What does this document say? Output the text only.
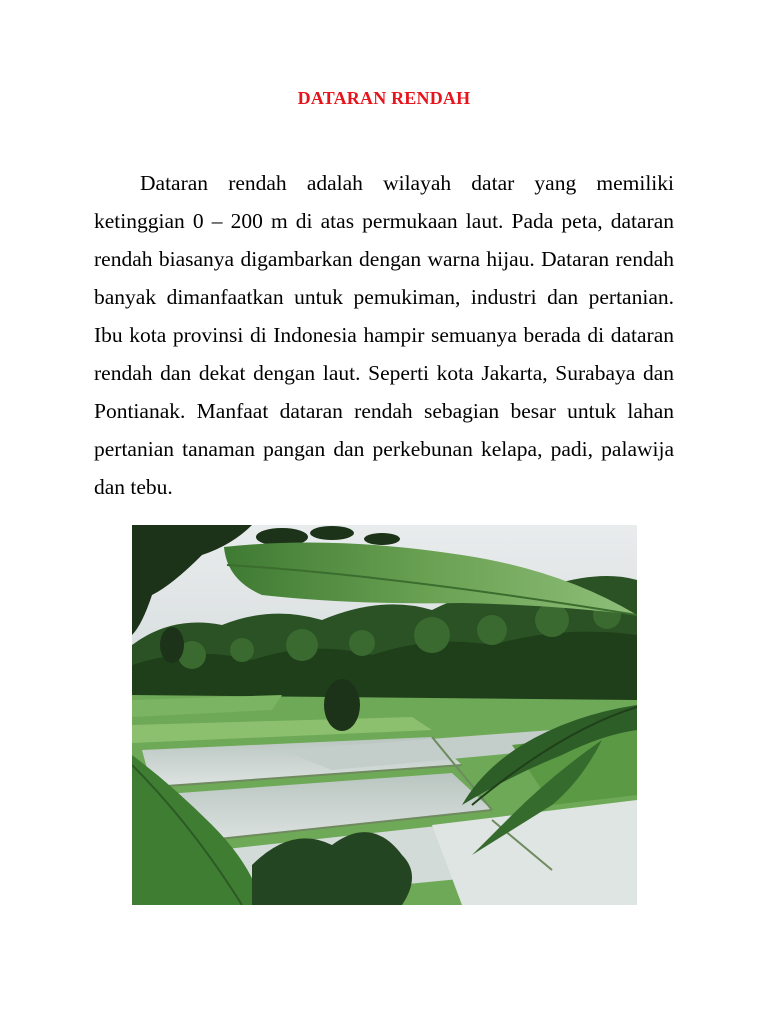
DATARAN RENDAH

Dataran rendah adalah wilayah datar yang memiliki ketinggian 0 – 200 m di atas permukaan laut. Pada peta, dataran rendah biasanya digambarkan dengan warna hijau. Dataran rendah banyak dimanfaatkan untuk pemukiman, industri dan pertanian. Ibu kota provinsi di Indonesia hampir semuanya berada di dataran rendah dan dekat dengan laut. Seperti kota Jakarta, Surabaya dan Pontianak. Manfaat dataran rendah sebagian besar untuk lahan pertanian tanaman pangan dan perkebunan kelapa, padi, palawija dan tebu.
